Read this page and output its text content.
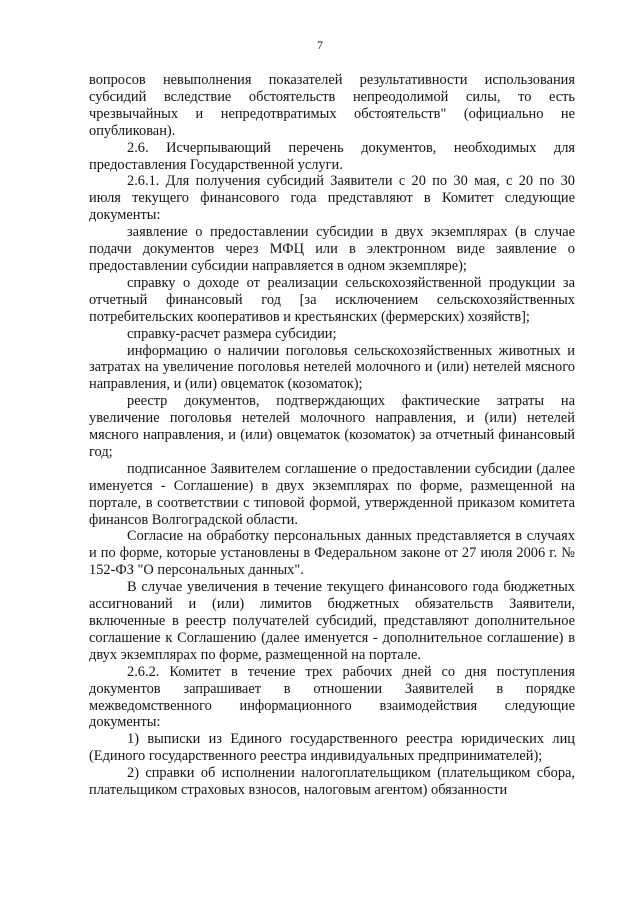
7

вопросов невыполнения показателей результативности использования субсидий вследствие обстоятельств непреодолимой силы, то есть чрезвычайных и непредотвратимых обстоятельств" (официально не опубликован).

2.6. Исчерпывающий перечень документов, необходимых для предоставления Государственной услуги.

2.6.1. Для получения субсидий Заявители с 20 по 30 мая, с 20 по 30 июля текущего финансового года представляют в Комитет следующие документы:

заявление о предоставлении субсидии в двух экземплярах (в случае подачи документов через МФЦ или в электронном виде заявление о предоставлении субсидии направляется в одном экземпляре);

справку о доходе от реализации сельскохозяйственной продукции за отчетный финансовый год [за исключением сельскохозяйственных потребительских кооперативов и крестьянских (фермерских) хозяйств];

справку-расчет размера субсидии;

информацию о наличии поголовья сельскохозяйственных животных и затратах на увеличение поголовья нетелей молочного и (или) нетелей мясного направления, и (или) овцематок (козоматок);

реестр документов, подтверждающих фактические затраты на увеличение поголовья нетелей молочного направления, и (или) нетелей мясного направления, и (или) овцематок (козоматок) за отчетный финансовый год;

подписанное Заявителем соглашение о предоставлении субсидии (далее именуется - Соглашение) в двух экземплярах по форме, размещенной на портале, в соответствии с типовой формой, утвержденной приказом комитета финансов Волгоградской области.

Согласие на обработку персональных данных представляется в случаях и по форме, которые установлены в Федеральном законе от 27 июля 2006 г. № 152-ФЗ "О персональных данных".

В случае увеличения в течение текущего финансового года бюджетных ассигнований и (или) лимитов бюджетных обязательств Заявители, включенные в реестр получателей субсидий, представляют дополнительное соглашение к Соглашению (далее именуется - дополнительное соглашение) в двух экземплярах по форме, размещенной на портале.

2.6.2. Комитет в течение трех рабочих дней со дня поступления документов запрашивает в отношении Заявителей в порядке межведомственного информационного взаимодействия следующие документы:

1) выписки из Единого государственного реестра юридических лиц (Единого государственного реестра индивидуальных предпринимателей);

2) справки об исполнении налогоплательщиком (плательщиком сбора, плательщиком страховых взносов, налоговым агентом) обязанности
